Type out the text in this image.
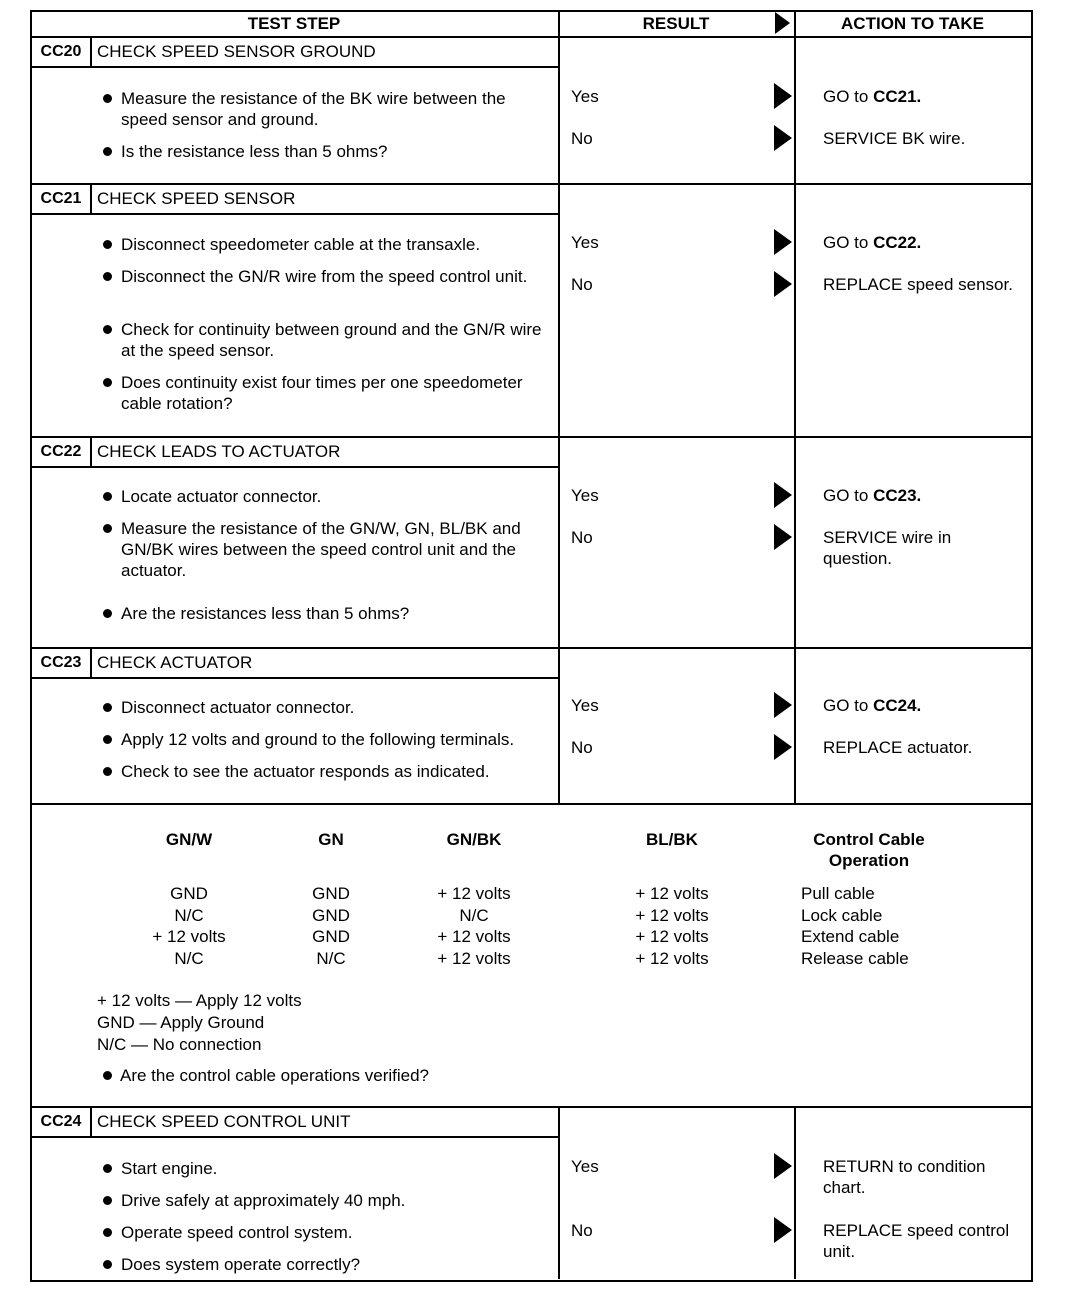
TEST STEP	RESULT	ACTION TO TAKE
CC20 CHECK SPEED SENSOR GROUND
Measure the resistance of the BK wire between the speed sensor and ground.
Is the resistance less than 5 ohms?
Yes	GO to CC21.
No	SERVICE BK wire.
CC21 CHECK SPEED SENSOR
Disconnect speedometer cable at the transaxle.
Disconnect the GN/R wire from the speed control unit.
Check for continuity between ground and the GN/R wire at the speed sensor.
Does continuity exist four times per one speedometer cable rotation?
Yes	GO to CC22.
No	REPLACE speed sensor.
CC22 CHECK LEADS TO ACTUATOR
Locate actuator connector.
Measure the resistance of the GN/W, GN, BL/BK and GN/BK wires between the speed control unit and the actuator.
Are the resistances less than 5 ohms?
Yes	GO to CC23.
No	SERVICE wire in question.
CC23 CHECK ACTUATOR
Disconnect actuator connector.
Apply 12 volts and ground to the following terminals.
Check to see the actuator responds as indicated.
Yes	GO to CC24.
No	REPLACE actuator.
CC24 CHECK SPEED CONTROL UNIT
Start engine.
Drive safely at approximately 40 mph.
Operate speed control system.
Does system operate correctly?
Yes	RETURN to condition chart.
No	REPLACE speed control unit.
GN/W	GN	GN/BK	BL/BK	Control Cable Operation
GND	GND	+ 12 volts	+ 12 volts	Pull cable
N/C	GND	N/C	+ 12 volts	Lock cable
+ 12 volts	GND	+ 12 volts	+ 12 volts	Extend cable
N/C	N/C	+ 12 volts	+ 12 volts	Release cable
+ 12 volts — Apply 12 volts
GND — Apply Ground
N/C — No connection
Are the control cable operations verified?
